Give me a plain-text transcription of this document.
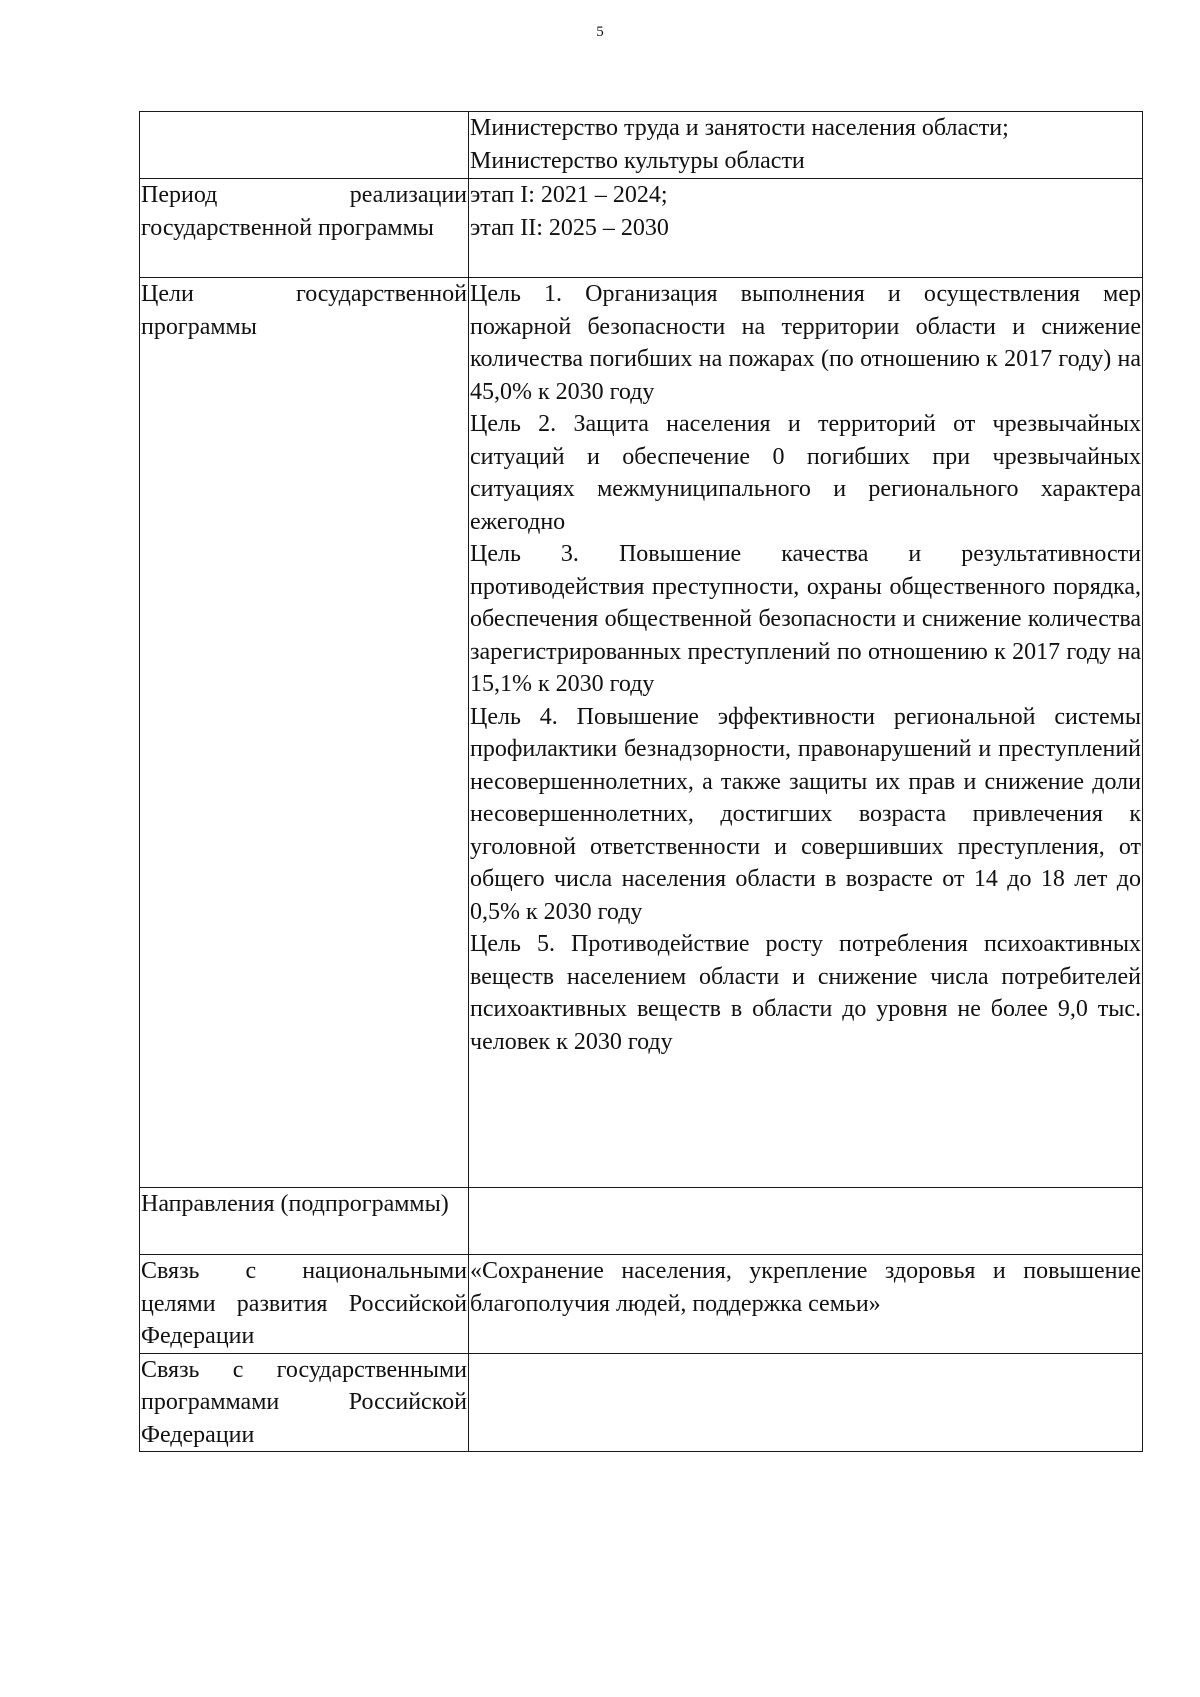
5

	Министерство труда и занятости населения области;
Министерство культуры области

Период реализации государственной программы	этап I: 2021 – 2024;
этап II: 2025 – 2030

Цели государственной программы	Цель 1. Организация выполнения и осуществления мер пожарной безопасности на территории области и снижение количества погибших на пожарах (по отношению к 2017 году) на 45,0% к 2030 году
Цель 2. Защита населения и территорий от чрезвычайных ситуаций и обеспечение 0 погибших при чрезвычайных ситуациях межмуниципального и регионального характера ежегодно
Цель 3. Повышение качества и результативности противодействия преступности, охраны общественного порядка, обеспечения общественной безопасности и снижение количества зарегистрированных преступлений по отношению к 2017 году на 15,1% к 2030 году
Цель 4. Повышение эффективности региональной системы профилактики безнадзорности, правонарушений и преступлений несовершеннолетних, а также защиты их прав и снижение доли несовершеннолетних, достигших возраста привлечения к уголовной ответственности и совершивших преступления, от общего числа населения области в возрасте от 14 до 18 лет до 0,5% к 2030 году
Цель 5. Противодействие росту потребления психоактивных веществ населением области и снижение числа потребителей психоактивных веществ в области до уровня не более 9,0 тыс. человек к 2030 году

Направления (подпрограммы)	
Связь с национальными целями развития Российской Федерации	«Сохранение населения, укрепление здоровья и повышение благополучия людей, поддержка семьи»

Связь с государственными программами Российской Федерации	
